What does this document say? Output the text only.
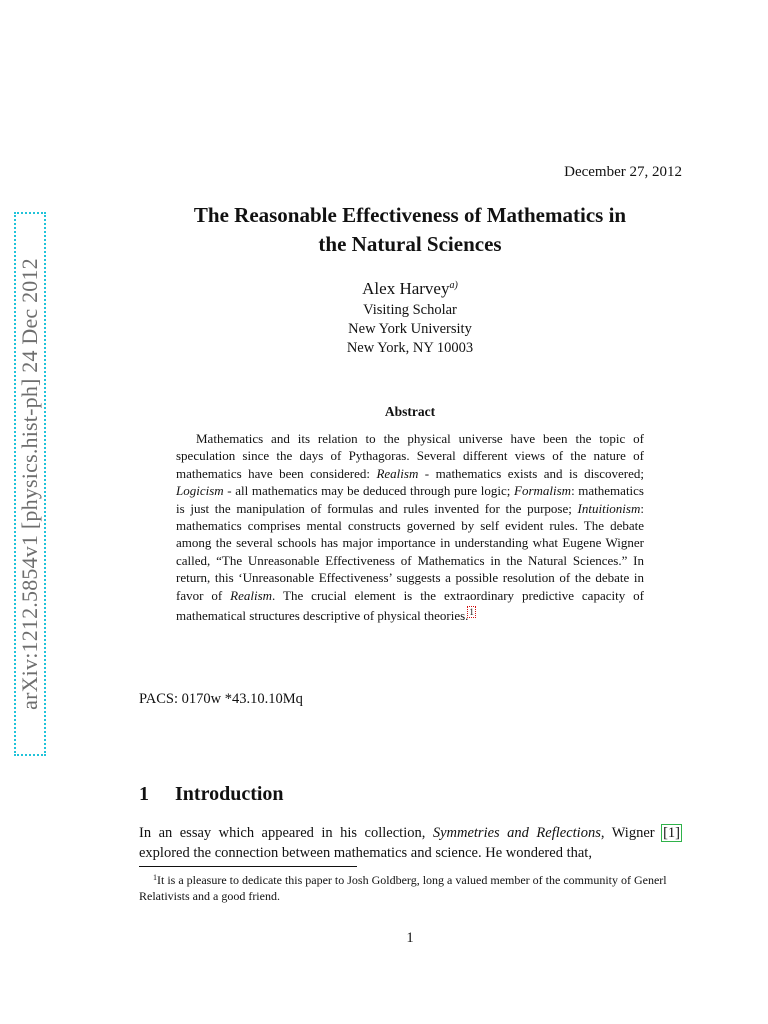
arXiv:1212.5854v1 [physics.hist-ph] 24 Dec 2012
December 27, 2012
The Reasonable Effectiveness of Mathematics in
the Natural Sciences
Alex Harvey$^{a)}$
Visiting Scholar
New York University
New York, NY 10003
Abstract

Mathematics and its relation to the physical universe have been the topic of speculation since the days of Pythagoras. Several different views of the nature of mathematics have been considered: Realism - mathematics exists and is discovered; Logicism - all mathematics may be deduced through pure logic; Formalism: mathematics is just the manipulation of formulas and rules invented for the purpose; Intuitionism: mathematics comprises mental constructs governed by self evident rules. The debate among the several schools has major importance in understanding what Eugene Wigner called, “The Unreasonable Effectiveness of Mathematics in the Natural Sciences.” In return, this ‘Unreasonable Effectiveness’ suggests a possible resolution of the debate in favor of Realism. The crucial element is the extraordinary predictive capacity of mathematical structures descriptive of physical theories.$^1$

PACS: 0170w *43.10.10Mq
1 Introduction

In an essay which appeared in his collection, Symmetries and Reflections, Wigner [1] explored the connection between mathematics and science. He wondered that,

$^1$It is a pleasure to dedicate this paper to Josh Goldberg, long a valued member of the community of Generl Relativists and a good friend.

1
